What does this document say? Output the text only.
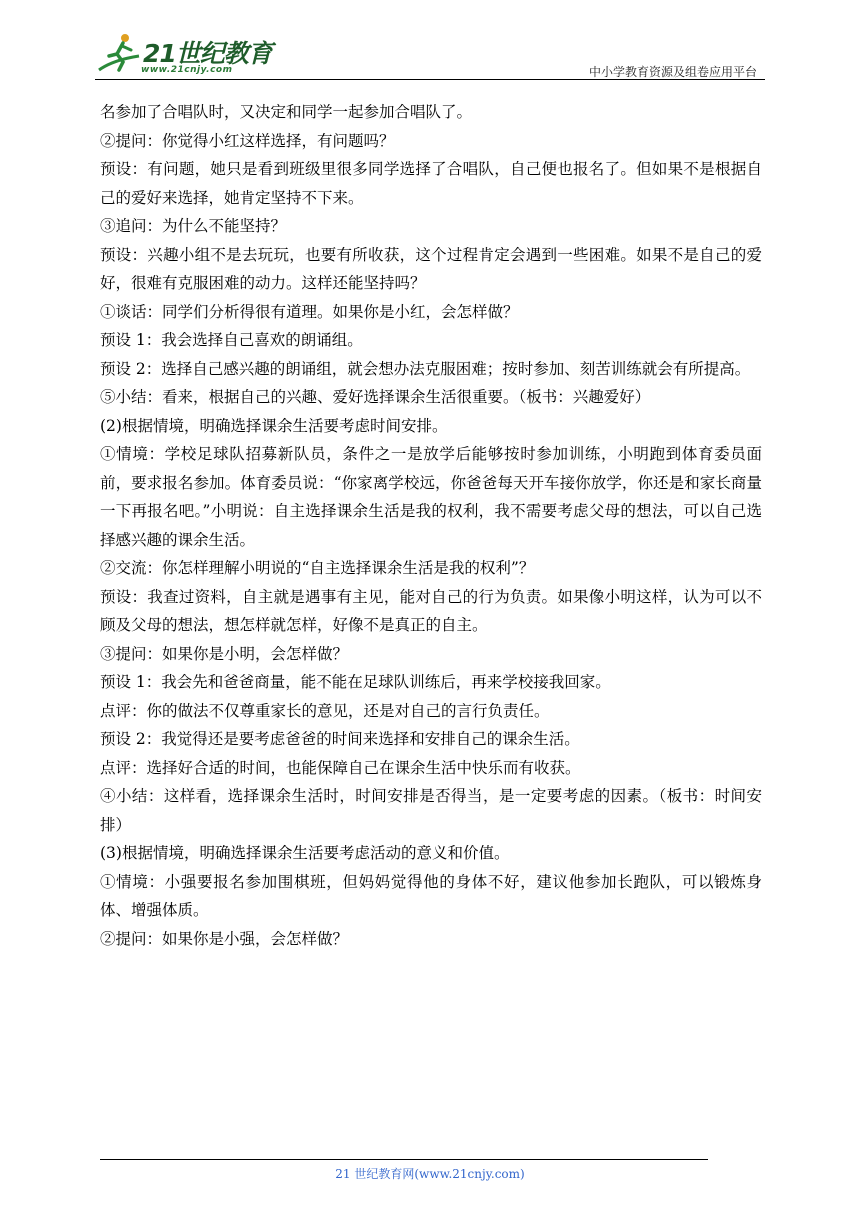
21世纪教育
www.21cnjy.com	中小学教育资源及组卷应用平台

名参加了合唱队时，又决定和同学一起参加合唱队了。

②提问：你觉得小红这样选择，有问题吗？

预设：有问题，她只是看到班级里很多同学选择了合唱队，自己便也报名了。但如果不是根据自己的爱好来选择，她肯定坚持不下来。

③追问：为什么不能坚持？

预设：兴趣小组不是去玩玩，也要有所收获，这个过程肯定会遇到一些困难。如果不是自己的爱好，很难有克服困难的动力。这样还能坚持吗？

①谈话：同学们分析得很有道理。如果你是小红，会怎样做？

预设 1：我会选择自己喜欢的朗诵组。

预设 2：选择自己感兴趣的朗诵组，就会想办法克服困难；按时参加、刻苦训练就会有所提高。

⑤小结：看来，根据自己的兴趣、爱好选择课余生活很重要。（板书：兴趣爱好）

(2)根据情境，明确选择课余生活要考虑时间安排。

①情境：学校足球队招募新队员，条件之一是放学后能够按时参加训练，小明跑到体育委员面前，要求报名参加。体育委员说：“你家离学校远，你爸爸每天开车接你放学，你还是和家长商量一下再报名吧。”小明说：自主选择课余生活是我的权利，我不需要考虑父母的想法，可以自己选择感兴趣的课余生活。

②交流：你怎样理解小明说的“自主选择课余生活是我的权利”？

预设：我查过资料，自主就是遇事有主见，能对自己的行为负责。如果像小明这样，认为可以不顾及父母的想法，想怎样就怎样，好像不是真正的自主。

③提问：如果你是小明，会怎样做？

预设 1：我会先和爸爸商量，能不能在足球队训练后，再来学校接我回家。

点评：你的做法不仅尊重家长的意见，还是对自己的言行负责任。

预设 2：我觉得还是要考虑爸爸的时间来选择和安排自己的课余生活。

点评：选择好合适的时间，也能保障自己在课余生活中快乐而有收获。

④小结：这样看，选择课余生活时，时间安排是否得当，是一定要考虑的因素。（板书：时间安排）

(3)根据情境，明确选择课余生活要考虑活动的意义和价值。

①情境：小强要报名参加围棋班，但妈妈觉得他的身体不好，建议他参加长跑队，可以锻炼身体、增强体质。

②提问：如果你是小强，会怎样做？

21 世纪教育网(www.21cnjy.com)
